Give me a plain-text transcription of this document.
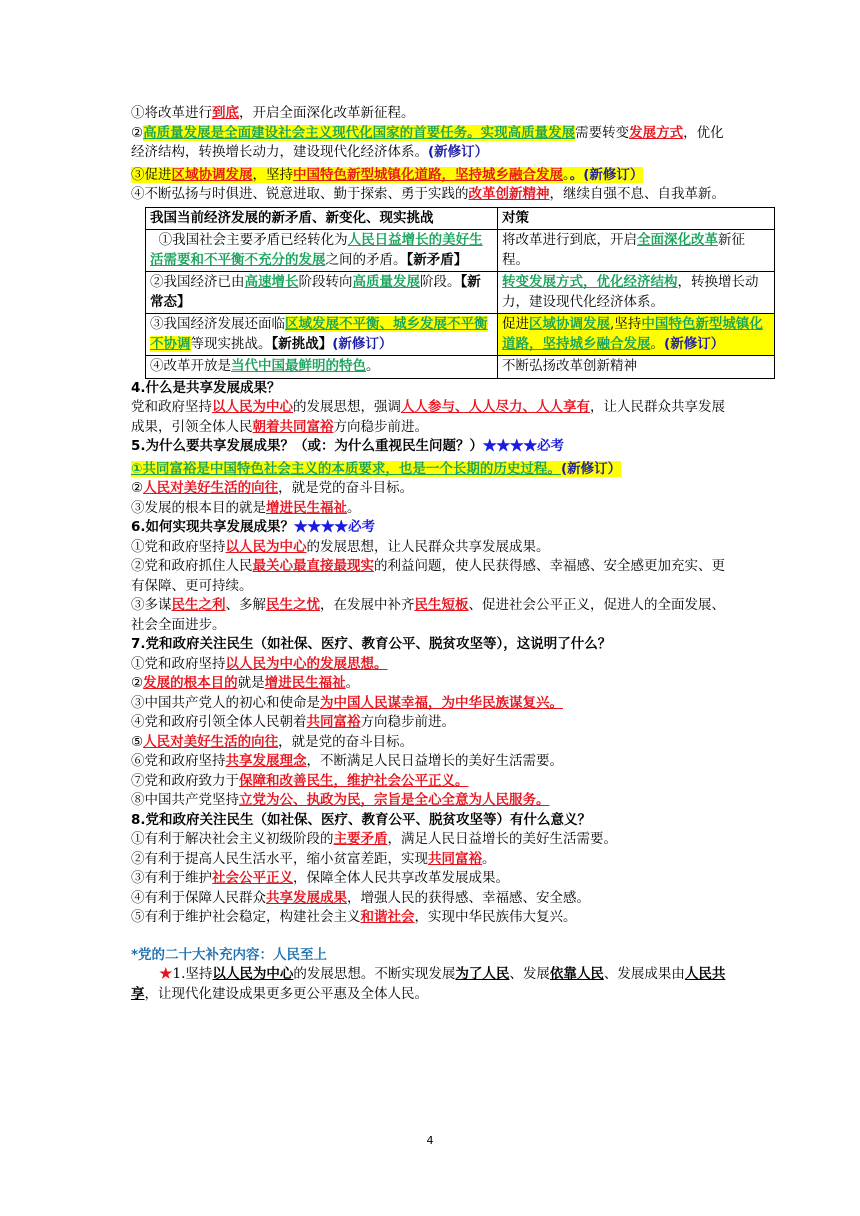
①将改革进行到底，开启全面深化改革新征程。

②高质量发展是全面建设社会主义现代化国家的首要任务。实现高质量发展需要转变发展方式，优化经济结构，转换增长动力，建设现代化经济体系。(新修订）

③促进区域协调发展，坚持中国特色新型城镇化道路，坚持城乡融合发展。。(新修订）

④不断弘扬与时俱进、锐意进取、勤于探索、勇于实践的改革创新精神，继续自强不息、自我革新。

我国当前经济发展的新矛盾、新变化、现实挑战	对策
①我国社会主要矛盾已经转化为人民日益增长的美好生活需要和不平衡不充分的发展之间的矛盾。【新矛盾】	将改革进行到底，开启全面深化改革新征程。
②我国经济已由高速增长阶段转向高质量发展阶段。【新常态】	转变发展方式，优化经济结构，转换增长动力，建设现代化经济体系。
③我国经济发展还面临区域发展不平衡、城乡发展不平衡不协调等现实挑战。【新挑战】(新修订）	促进区域协调发展,坚持中国特色新型城镇化道路，坚持城乡融合发展。(新修订）
④改革开放是当代中国最鲜明的特色。	不断弘扬改革创新精神

4.什么是共享发展成果？

党和政府坚持以人民为中心的发展思想，强调人人参与、人人尽力、人人享有，让人民群众共享发展成果，引领全体人民朝着共同富裕方向稳步前进。

5.为什么要共享发展成果？（或：为什么重视民生问题？）★★★★必考

①共同富裕是中国特色社会主义的本质要求，也是一个长期的历史过程。(新修订）

②人民对美好生活的向往，就是党的奋斗目标。

③发展的根本目的就是增进民生福祉。

6.如何实现共享发展成果？★★★★必考

①党和政府坚持以人民为中心的发展思想，让人民群众共享发展成果。

②党和政府抓住人民最关心最直接最现实的利益问题，使人民获得感、幸福感、安全感更加充实、更有保障、更可持续。

③多谋民生之利、多解民生之忧，在发展中补齐民生短板、促进社会公平正义，促进人的全面发展、社会全面进步。

7.党和政府关注民生（如社保、医疗、教育公平、脱贫攻坚等），这说明了什么？

①党和政府坚持以人民为中心的发展思想。

②发展的根本目的就是增进民生福祉。

③中国共产党人的初心和使命是为中国人民谋幸福，为中华民族谋复兴。

④党和政府引领全体人民朝着共同富裕方向稳步前进。

⑤人民对美好生活的向往，就是党的奋斗目标。

⑥党和政府坚持共享发展理念，不断满足人民日益增长的美好生活需要。

⑦党和政府致力于保障和改善民生，维护社会公平正义。

⑧中国共产党坚持立党为公、执政为民，宗旨是全心全意为人民服务。

8.党和政府关注民生（如社保、医疗、教育公平、脱贫攻坚等）有什么意义？

①有利于解决社会主义初级阶段的主要矛盾，满足人民日益增长的美好生活需要。

②有利于提高人民生活水平，缩小贫富差距，实现共同富裕。

③有利于维护社会公平正义，保障全体人民共享改革发展成果。

④有利于保障人民群众共享发展成果，增强人民的获得感、幸福感、安全感。

⑤有利于维护社会稳定，构建社会主义和谐社会，实现中华民族伟大复兴。

*党的二十大补充内容：人民至上

★1.坚持以人民为中心的发展思想。不断实现发展为了人民、发展依靠人民、发展成果由人民共享，让现代化建设成果更多更公平惠及全体人民。

4
